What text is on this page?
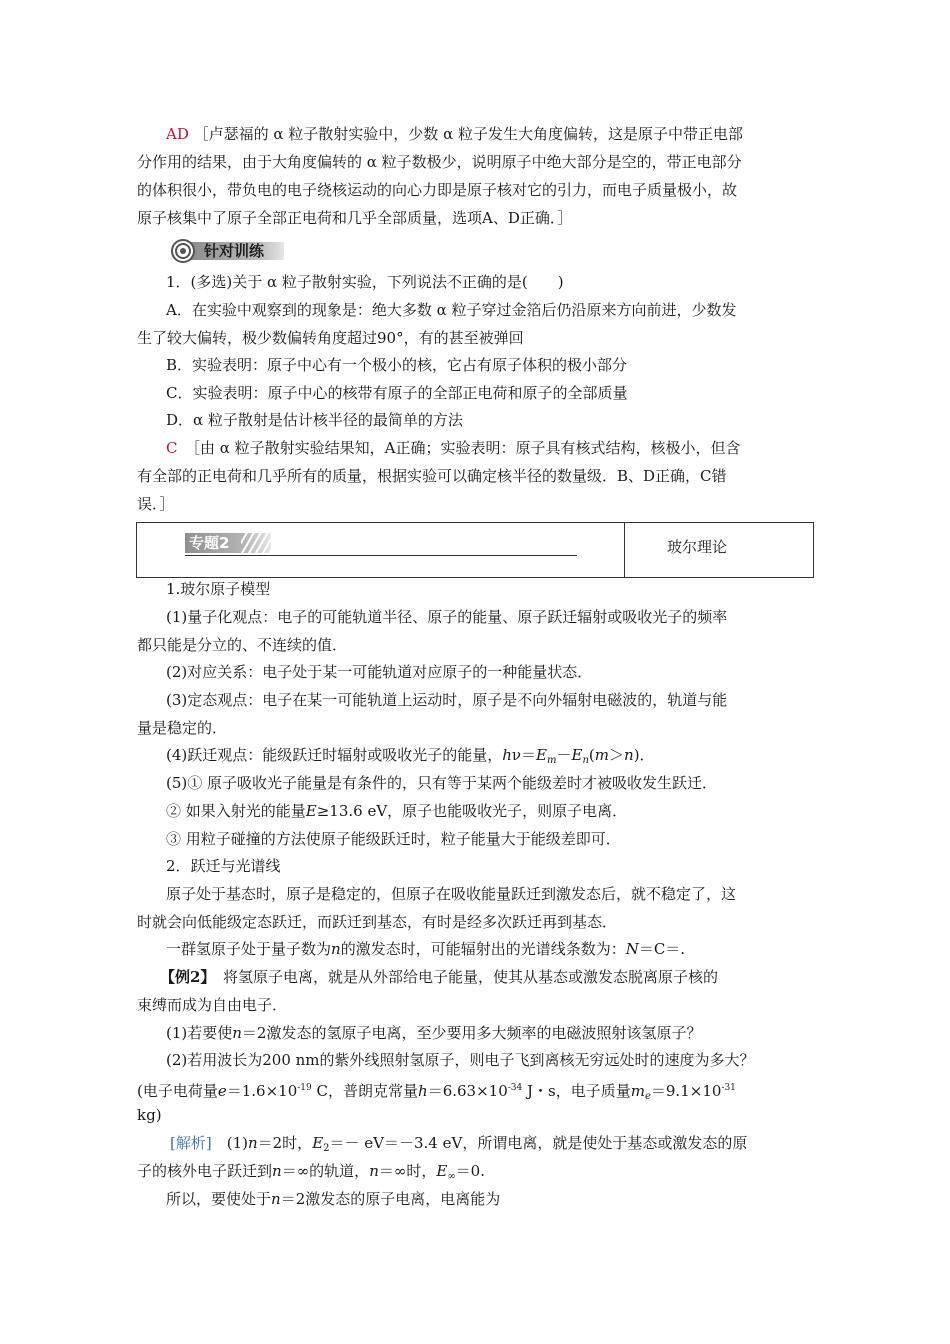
AD ［卢瑟福的 α 粒子散射实验中，少数 α 粒子发生大角度偏转，这是原子中带正电部
分作用的结果，由于大角度偏转的 α 粒子数极少，说明原子中绝大部分是空的，带正电部分
的体积很小，带负电的电子绕核运动的向心力即是原子核对它的引力，而电子质量极小，故
原子核集中了原子全部正电荷和几乎全部质量，选项A、D正确．］
针对训练
1．(多选)关于 α 粒子散射实验，下列说法不正确的是(　　)
A．在实验中观察到的现象是：绝大多数 α 粒子穿过金箔后仍沿原来方向前进，少数发
生了较大偏转，极少数偏转角度超过90°，有的甚至被弹回
B．实验表明：原子中心有一个极小的核，它占有原子体积的极小部分
C．实验表明：原子中心的核带有原子的全部正电荷和原子的全部质量
D．α 粒子散射是估计核半径的最简单的方法
C　 ［由 α 粒子散射实验结果知，A正确；实验表明：原子具有核式结构，核极小，但含
有全部的正电荷和几乎所有的质量，根据实验可以确定核半径的数量级．B、D正确，C错
误．］
专题2	玻尔理论
1.玻尔原子模型
(1)量子化观点：电子的可能轨道半径、原子的能量、原子跃迁辐射或吸收光子的频率
都只能是分立的、不连续的值．
(2)对应关系：电子处于某一可能轨道对应原子的一种能量状态．
(3)定态观点：电子在某一可能轨道上运动时，原子是不向外辐射电磁波的，轨道与能
量是稳定的．
(4)跃迁观点：能级跃迁时辐射或吸收光子的能量，$h\nu=E_m-E_n(m>n)$．
(5)① 原子吸收光子能量是有条件的，只有等于某两个能级差时才被吸收发生跃迁．
② 如果入射光的能量E≥13.6 eV，原子也能吸收光子，则原子电离．
③ 用粒子碰撞的方法使原子能级跃迁时，粒子能量大于能级差即可．
2．跃迁与光谱线
原子处于基态时，原子是稳定的，但原子在吸收能量跃迁到激发态后，就不稳定了，这
时就会向低能级定态跃迁，而跃迁到基态，有时是经多次跃迁再到基态．
一群氢原子处于量子数为n的激发态时，可能辐射出的光谱线条数为：N＝C＝.
【例2】　将氢原子电离，就是从外部给电子能量，使其从基态或激发态脱离原子核的
束缚而成为自由电子．
(1)若要使n＝2激发态的氢原子电离，至少要用多大频率的电磁波照射该氢原子？
(2)若用波长为200 nm的紫外线照射氢原子，则电子飞到离核无穷远处时的速度为多大？
(电子电荷量$e=1.6\times 10^{-19}$ C，普朗克常量$h=6.63\times 10^{-34}$ J・s，电子质量$m_e=9.1\times 10^{-31}$
kg)
[解析]　(1)n＝2时，$E_2=- eV=-3.4$ eV，所谓电离，就是使处于基态或激发态的原
子的核外电子跃迁到n＝∞的轨道，n＝∞时，$E_\infty=0$.
所以，要使处于n＝2激发态的原子电离，电离能为
